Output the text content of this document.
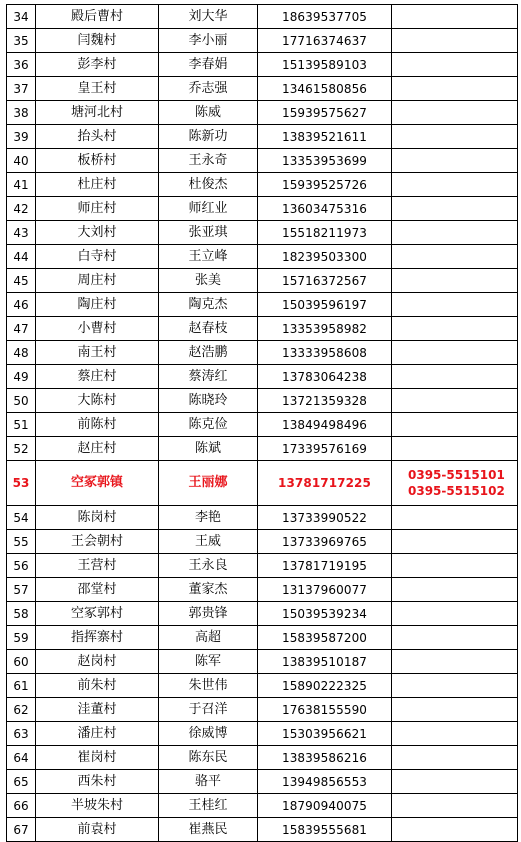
34	殿后曹村	刘大华	18639537705	
35	闫魏村	李小丽	17716374637	
36	彭李村	李春娟	15139589103	
37	皇王村	乔志强	13461580856	
38	塘河北村	陈威	15939575627	
39	抬头村	陈新功	13839521611	
40	板桥村	王永奇	13353953699	
41	杜庄村	杜俊杰	15939525726	
42	师庄村	师红业	13603475316	
43	大刘村	张亚琪	15518211973	
44	白寺村	王立峰	18239503300	
45	周庄村	张美	15716372567	
46	陶庄村	陶克杰	15039596197	
47	小曹村	赵春枝	13353958982	
48	南王村	赵浩鹏	13333958608	
49	蔡庄村	蔡涛红	13783064238	
50	大陈村	陈晓玲	13721359328	
51	前陈村	陈克俭	13849498496	
52	赵庄村	陈斌	17339576169	
53	空冢郭镇	王丽娜	13781717225	0395-5515101
0395-5515102

54	陈岗村	李艳	13733990522	
55	王会朝村	王威	13733969765	
56	王营村	王永良	13781719195	
57	邵堂村	董家杰	13137960077	
58	空冢郭村	郭贵锋	15039539234	
59	指挥寨村	高超	15839587200	
60	赵岗村	陈军	13839510187	
61	前朱村	朱世伟	15890222325	
62	洼董村	于召洋	17638155590	
63	潘庄村	徐威博	15303956621	
64	崔岗村	陈东民	13839586216	
65	西朱村	骆平	13949856553	
66	半坡朱村	王桂红	18790940075	
67	前袁村	崔燕民	15839555681	
